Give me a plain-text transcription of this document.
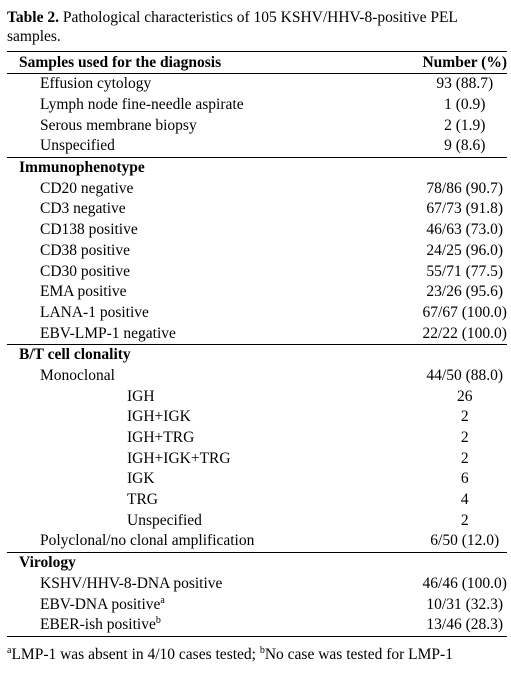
Table 2. Pathological characteristics of 105 KSHV/HHV-8-positive PEL samples.
Samples used for the diagnosis	Number (%)
Effusion cytology	93 (88.7)
Lymph node fine-needle aspirate	1 (0.9)
Serous membrane biopsy	2 (1.9)
Unspecified	9 (8.6)
Immunophenotype	
CD20 negative	78/86 (90.7)
CD3 negative	67/73 (91.8)
CD138 positive	46/63 (73.0)
CD38 positive	24/25 (96.0)
CD30 positive	55/71 (77.5)
EMA positive	23/26 (95.6)
LANA-1 positive	67/67 (100.0)
EBV-LMP-1 negative	22/22 (100.0)
B/T cell clonality	
Monoclonal	44/50 (88.0)
IGH	26
IGH+IGK	2
IGH+TRG	2
IGH+IGK+TRG	2
IGK	6
TRG	4
Unspecified	2
Polyclonal/no clonal amplification	6/50 (12.0)
Virology	
KSHV/HHV-8-DNA positive	46/46 (100.0)
EBV-DNA positive$^a$	10/31 (32.3)
EBER-ish positive$^b$	13/46 (28.3)
$^a$LMP-1 was absent in 4/10 cases tested; $^b$No case was tested for LMP-1
